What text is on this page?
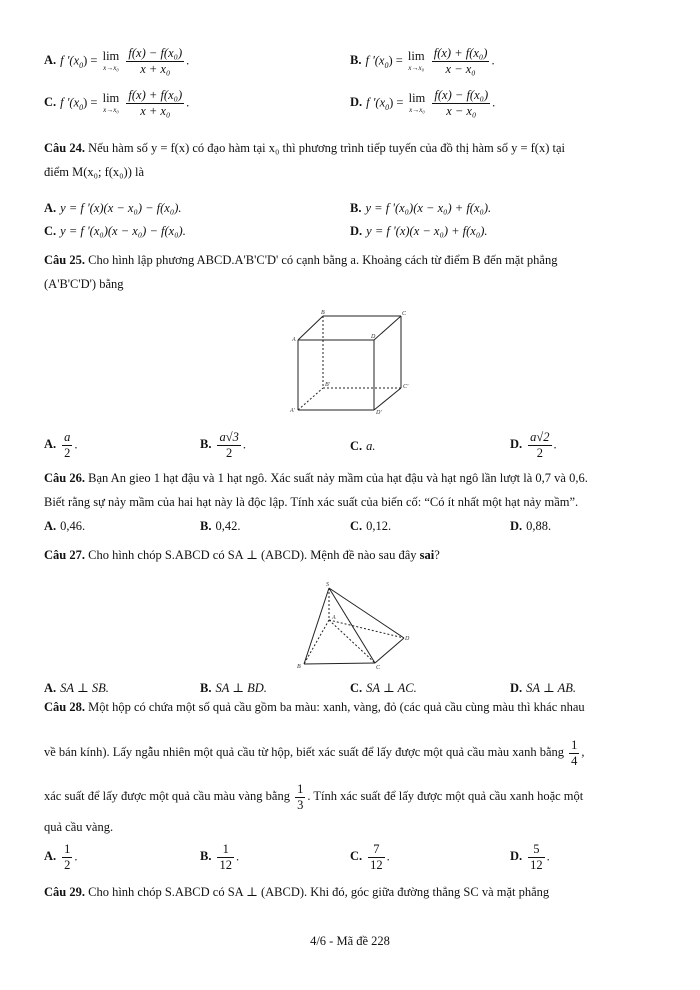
A. f '$(x_0) = \lim$
x→x₀
$\frac{\text{f(x) − f(x₀)}}{\text{x + x₀}}$ .	B. f '$(x_0) = \lim$
x→x₀
$\frac{\text{f(x) + f(x₀)}}{\text{x − x₀}}$ .
C. f '$(x_0) = \lim$
x→x₀
$\frac{\text{f(x) + f(x₀)}}{\text{x + x₀}}$ .	D. f '$(x_0) = \lim$
x→x₀
$\frac{\text{f(x) − f(x₀)}}{\text{x − x₀}}$ .
Câu 24. Nếu hàm số y = f(x) có đạo hàm tại x₀ thì phương trình tiếp tuyến của đồ thị hàm số y = f(x) tại
điểm M(x₀; f(x₀)) là
A. y = f '(x)(x − x₀) − f(x₀).	B. y = f '(x₀)(x − x₀) + f(x₀).
C. y = f '(x₀)(x − x₀) − f(x₀).	D. y = f '(x)(x − x₀) + f(x₀).
Câu 25. Cho hình lập phương ABCD.A'B'C'D' có cạnh bằng a. Khoảng cách từ điểm B đến mặt phẳng
(A'B'C'D') bằng
A
B	C
D
A'
B'	C'
D'
A. $\frac{a}{2}$ .	B. $\frac{a√3}{2}$ .	C. a.	D. $\frac{a√2}{2}$ .
Câu 26. Bạn An gieo 1 hạt đậu và 1 hạt ngô. Xác suất nảy mầm của hạt đậu và hạt ngô lần lượt là 0,7 và 0,6.
Biết rằng sự nảy mầm của hai hạt này là độc lập. Tính xác suất của biến cố: “Có ít nhất một hạt nảy mầm”.
A. 0,46.	B. 0,42.	C. 0,12.	D. 0,88.
Câu 27. Cho hình chóp S.ABCD có SA ⊥ (ABCD). Mệnh đề nào sau đây sai?
S
A
B	C
D
A. SA ⊥ SB.	B. SA ⊥ BD.	C. SA ⊥ AC.	D. SA ⊥ AB.
Câu 28. Một hộp có chứa một số quả cầu gồm ba màu: xanh, vàng, đỏ (các quả cầu cùng màu thì khác nhau
về bán kính). Lấy ngẫu nhiên một quả cầu từ hộp, biết xác suất để lấy được một quả cầu màu xanh bằng $\frac{1}{4}$ ,
xác suất để lấy được một quả cầu màu vàng bằng $\frac{1}{3}$ . Tính xác suất để lấy được một quả cầu xanh hoặc một
quả cầu vàng.
A. $\frac{1}{2}$ .	B. $\frac{1}{12}$ .	C. $\frac{7}{12}$ .	D. $\frac{5}{12}$ .
Câu 29. Cho hình chóp S.ABCD có SA ⊥ (ABCD). Khi đó, góc giữa đường thẳng SC và mặt phẳng
4/6 - Mã đề 228
